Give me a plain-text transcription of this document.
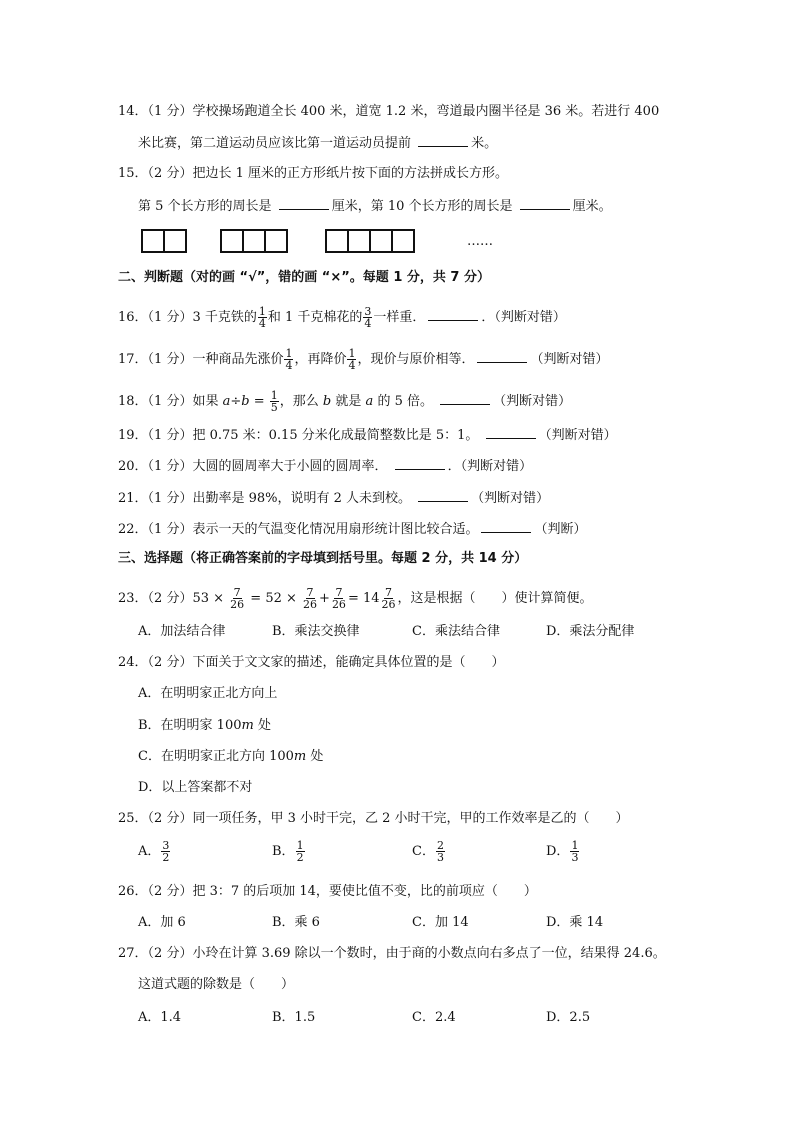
14．（1 分）学校操场跑道全长 400 米，道宽 1.2 米，弯道最内圈半径是 36 米。若进行 400
米比赛，第二道运动员应该比第一道运动员提前	米。
15．（2 分）把边长 1 厘米的正方形纸片按下面的方法拼成长方形。
第 5 个长方形的周长是	厘米，第 10 个长方形的周长是	厘米。
……
二、判断题（对的画 “√”，错的画 “×”。每题 1 分，共 7 分）
16．（1 分）3 千克铁的 $\frac{1}{4}$ 和 1 千克棉花的 $\frac{3}{4}$ 一样重．	．（判断对错）
17．（1 分）一种商品先涨价 $\frac{1}{4}$ ，再降价 $\frac{1}{4}$ ，现价与原价相等．	（判断对错）
18．（1 分）如果 $a\div b = \frac{1}{5}$ ，那么 b 就是 a 的 5 倍。	（判断对错）
19．（1 分）把 0.75 米：0.15 分米化成最简整数比是 5：1。	（判断对错）
20．（1 分）大圆的圆周率大于小圆的圆周率．	．（判断对错）
21．（1 分）出勤率是 98%，说明有 2 人未到校。	（判断对错）
22．（1 分）表示一天的气温变化情况用扇形统计图比较合适。	（判断）
三、选择题（将正确答案前的字母填到括号里。每题 2 分，共 14 分）
23．（2 分）$53 \times \frac{7}{26} = 52 \times \frac{7}{26} + \frac{7}{26} = 14 \frac{7}{26}$ ，这是根据（　　）使计算简便。
A．加法结合律	B．乘法交换律	C．乘法结合律	D．乘法分配律
24．（2 分）下面关于文文家的描述，能确定具体位置的是（　　）
A．在明明家正北方向上
B．在明明家 100m 处
C．在明明家正北方向 100m 处
D．以上答案都不对
25．（2 分）同一项任务，甲 3 小时干完，乙 2 小时干完，甲的工作效率是乙的（　　）
A． $\frac{3}{2}$	B． $\frac{1}{2}$	C． $\frac{2}{3}$	D． $\frac{1}{3}$
26．（2 分）把 3：7 的后项加 14，要使比值不变，比的前项应（　　）
A．加 6	B．乘 6	C．加 14	D．乘 14
27．（2 分）小玲在计算 3.69 除以一个数时，由于商的小数点向右多点了一位，结果得 24.6。
这道式题的除数是（　　）
A．1.4	B．1.5	C．2.4	D．2.5
